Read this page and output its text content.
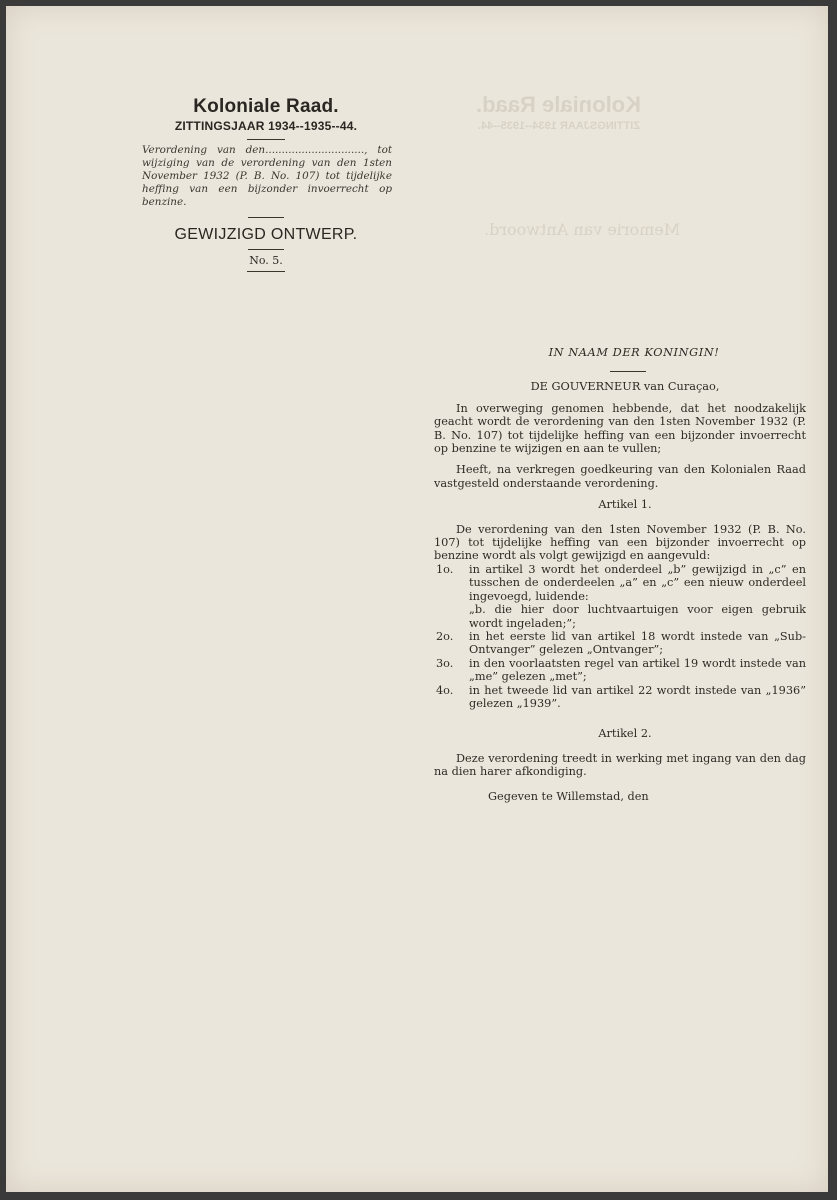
Koloniale Raad.
ZITTINGSJAAR 1934--1935--44.
Memorie van Antwoord.
Koloniale Raad.
ZITTINGSJAAR 1934--1935--44.

Verordening van den.............................., tot wijziging van de verordening van den 1sten November 1932 (P. B. No. 107) tot tijdelijke heffing van een bijzonder invoerrecht op benzine.

GEWIJZIGD ONTWERP.
No. 5.

IN NAAM DER KONINGIN!

DE GOUVERNEUR van Curaçao,

In overweging genomen hebbende, dat het noodzakelijk geacht wordt de verordening van den 1sten November 1932 (P. B. No. 107) tot tijdelijke heffing van een bijzonder invoerrecht op benzine te wijzigen en aan te vullen;

Heeft, na verkregen goedkeuring van den Kolonialen Raad vastgesteld onderstaande verordening.

Artikel 1.

De verordening van den 1sten November 1932 (P. B. No. 107) tot tijdelijke heffing van een bijzonder invoerrecht op benzine wordt als volgt gewijzigd en aangevuld:

1o. in artikel 3 wordt het onderdeel „b” gewijzigd in „c” en tusschen de onderdeelen „a” en „c” een nieuw onderdeel ingevoegd, luidende:
„b. die hier door luchtvaartuigen voor eigen gebruik wordt ingeladen;”;
2o. in het eerste lid van artikel 18 wordt instede van „Sub-Ontvanger” gelezen „Ontvanger”;
3o. in den voorlaatsten regel van artikel 19 wordt instede van „me” gelezen „met”;
4o. in het tweede lid van artikel 22 wordt instede van „1936” gelezen „1939”.

Artikel 2.

Deze verordening treedt in werking met ingang van den dag na dien harer afkondiging.

Gegeven te Willemstad, den
